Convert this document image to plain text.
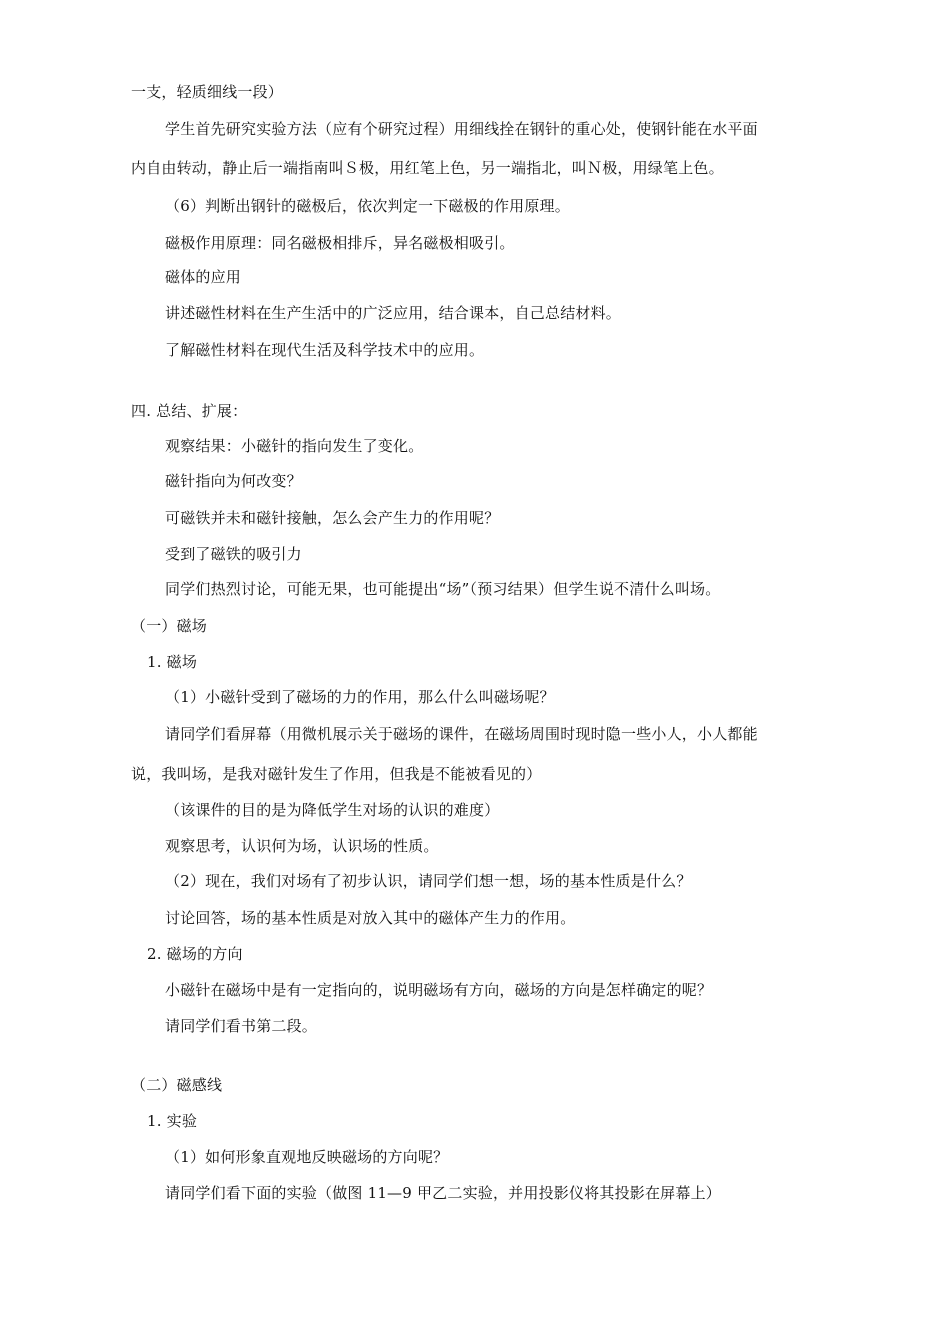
一支，轻质细线一段）
学生首先研究实验方法（应有个研究过程）用细线拴在钢针的重心处，使钢针能在水平面
内自由转动，静止后一端指南叫Ｓ极，用红笔上色，另一端指北，叫Ｎ极，用绿笔上色。
（6）判断出钢针的磁极后，依次判定一下磁极的作用原理。
磁极作用原理：同名磁极相排斥，异名磁极相吸引。
磁体的应用
讲述磁性材料在生产生活中的广泛应用，结合课本，自己总结材料。
了解磁性材料在现代生活及科学技术中的应用。
四. 总结、扩展：
观察结果：小磁针的指向发生了变化。
磁针指向为何改变？
可磁铁并未和磁针接触，怎么会产生力的作用呢？
受到了磁铁的吸引力
同学们热烈讨论，可能无果，也可能提出“场”（预习结果）但学生说不清什么叫场。
（一）磁场
1. 磁场
（1）小磁针受到了磁场的力的作用，那么什么叫磁场呢？
请同学们看屏幕（用微机展示关于磁场的课件，在磁场周围时现时隐一些小人，小人都能
说，我叫场，是我对磁针发生了作用，但我是不能被看见的）
（该课件的目的是为降低学生对场的认识的难度）
观察思考，认识何为场，认识场的性质。
（2）现在，我们对场有了初步认识，请同学们想一想，场的基本性质是什么？
讨论回答，场的基本性质是对放入其中的磁体产生力的作用。
2. 磁场的方向
小磁针在磁场中是有一定指向的，说明磁场有方向，磁场的方向是怎样确定的呢？
请同学们看书第二段。
（二）磁感线
1. 实验
（1）如何形象直观地反映磁场的方向呢？
请同学们看下面的实验（做图 11—9 甲乙二实验，并用投影仪将其投影在屏幕上）
